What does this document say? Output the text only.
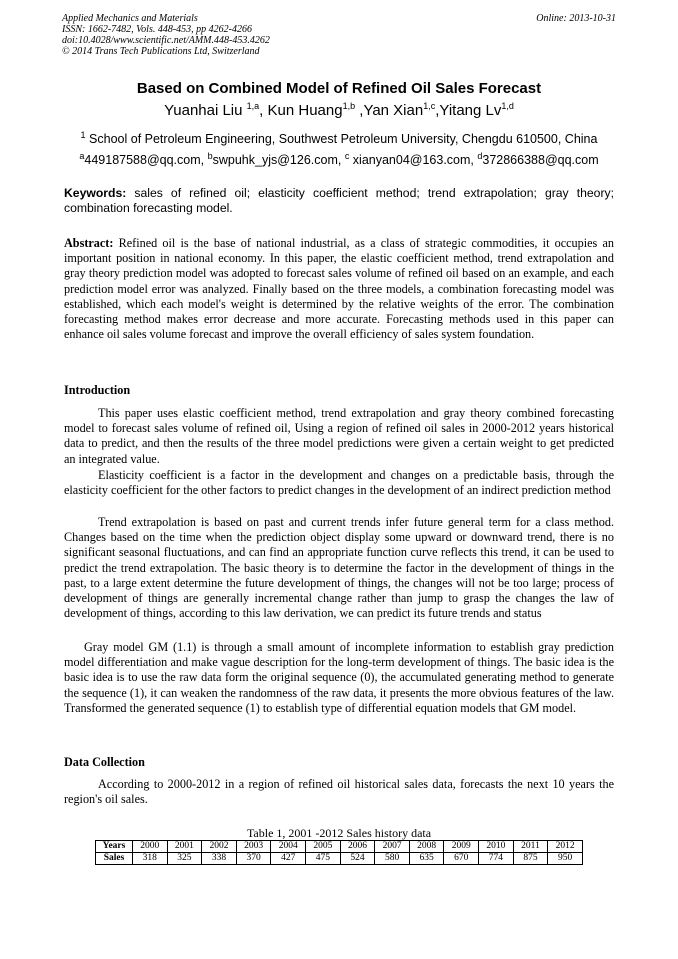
Applied Mechanics and Materials
ISSN: 1662-7482, Vols. 448-453, pp 4262-4266
doi:10.4028/www.scientific.net/AMM.448-453.4262
© 2014 Trans Tech Publications Ltd, Switzerland
Online: 2013-10-31
Based on Combined Model of Refined Oil Sales Forecast
Yuanhai Liu $^{1,a}$, Kun Huang$^{1,b}$ ,Yan Xian$^{1,c}$,Yitang Lv$^{1,d}$
$^1$ School of Petroleum Engineering, Southwest Petroleum University, Chengdu 610500, China
$^a$449187588@qq.com, $^b$swpuhk_yjs@126.com, $^c$ xianyan04@163.com, $^d$372866388@qq.com
Keywords: sales of refined oil; elasticity coefficient method; trend extrapolation; gray theory; combination forecasting model.
Abstract: Refined oil is the base of national industrial, as a class of strategic commodities, it occupies an important position in national economy. In this paper, the elastic coefficient method, trend extrapolation and gray theory prediction model was adopted to forecast sales volume of refined oil based on an example, and each prediction model error was analyzed. Finally based on the three models, a combination forecasting model was established, which each model's weight is determined by the relative weights of the error. The combination forecasting method makes error decrease and more accurate. Forecasting methods used in this paper can enhance oil sales volume forecast and improve the overall efficiency of sales system foundation.
Introduction
This paper uses elastic coefficient method, trend extrapolation and gray theory combined forecasting model to forecast sales volume of refined oil, Using a region of refined oil sales in 2000-2012 years historical data to predict, and then the results of the three model predictions were given a certain weight to get predicted an integrated value.
Elasticity coefficient is a factor in the development and changes on a predictable basis, through the elasticity coefficient for the other factors to predict changes in the development of an indirect prediction method
Trend extrapolation is based on past and current trends infer future general term for a class method. Changes based on the time when the prediction object display some upward or downward trend, there is no significant seasonal fluctuations, and can find an appropriate function curve reflects this trend, it can be used to predict the trend extrapolation. The basic theory is to determine the factor in the development of things in the past, to a large extent determine the future development of things, the changes will not be too large; process of development of things are generally incremental change rather than jump to grasp the changes the law of development of things, according to this law derivation, we can predict its future trends and status
Gray model GM (1.1) is through a small amount of incomplete information to establish gray prediction model differentiation and make vague description for the long-term development of things. The basic idea is the basic idea is to use the raw data form the original sequence (0), the accumulated generating method to generate the sequence (1), it can weaken the randomness of the raw data, it presents the more obvious features of the law. Transformed the generated sequence (1) to establish type of differential equation models that GM model.
Data Collection
According to 2000-2012 in a region of refined oil historical sales data, forecasts the next 10 years the region's oil sales.
Table 1, 2001 -2012 Sales history data
Years	2000	2001	2002	2003	2004	2005	2006	2007	2008	2009	2010	2011	2012
Sales	318	325	338	370	427	475	524	580	635	670	774	875	950
